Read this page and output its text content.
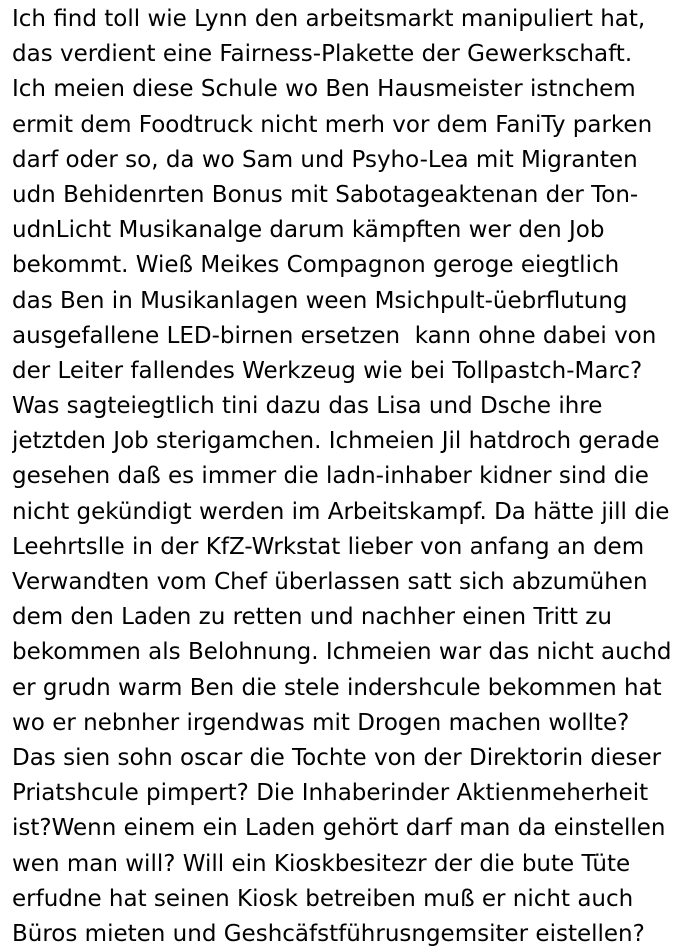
Ich find toll wie Lynn den arbeitsmarkt manipuliert hat,
das verdient eine Fairness-Plakette der Gewerkschaft.
Ich meien diese Schule wo Ben Hausmeister istnchem
ermit dem Foodtruck nicht merh vor dem FaniTy parken
darf oder so, da wo Sam und Psyho-Lea mit Migranten
udn Behidenrten Bonus mit Sabotageaktenan der Ton-
udnLicht Musikanalge darum kämpften wer den Job
bekommt. Wieß Meikes Compagnon geroge eiegtlich
das Ben in Musikanlagen ween Msichpult-üebrflutung
ausgefallene LED-birnen ersetzen  kann ohne dabei von
der Leiter fallendes Werkzeug wie bei Tollpastch-Marc?
Was sagteiegtlich tini dazu das Lisa und Dsche ihre
jetztden Job sterigamchen. Ichmeien Jil hatdroch gerade
gesehen daß es immer die ladn-inhaber kidner sind die
nicht gekündigt werden im Arbeitskampf. Da hätte jill die
Leehrtslle in der KfZ-Wrkstat lieber von anfang an dem
Verwandten vom Chef überlassen satt sich abzumühen
dem den Laden zu retten und nachher einen Tritt zu
bekommen als Belohnung. Ichmeien war das nicht auchd
er grudn warm Ben die stele indershcule bekommen hat
wo er nebnher irgendwas mit Drogen machen wollte?
Das sien sohn oscar die Tochte von der Direktorin dieser
Priatshcule pimpert? Die Inhaberinder Aktienmeherheit
ist?Wenn einem ein Laden gehört darf man da einstellen
wen man will? Will ein Kioskbesitezr der die bute Tüte
erfudne hat seinen Kiosk betreiben muß er nicht auch
Büros mieten und Geshcäfstführusngemsiter eistellen?
